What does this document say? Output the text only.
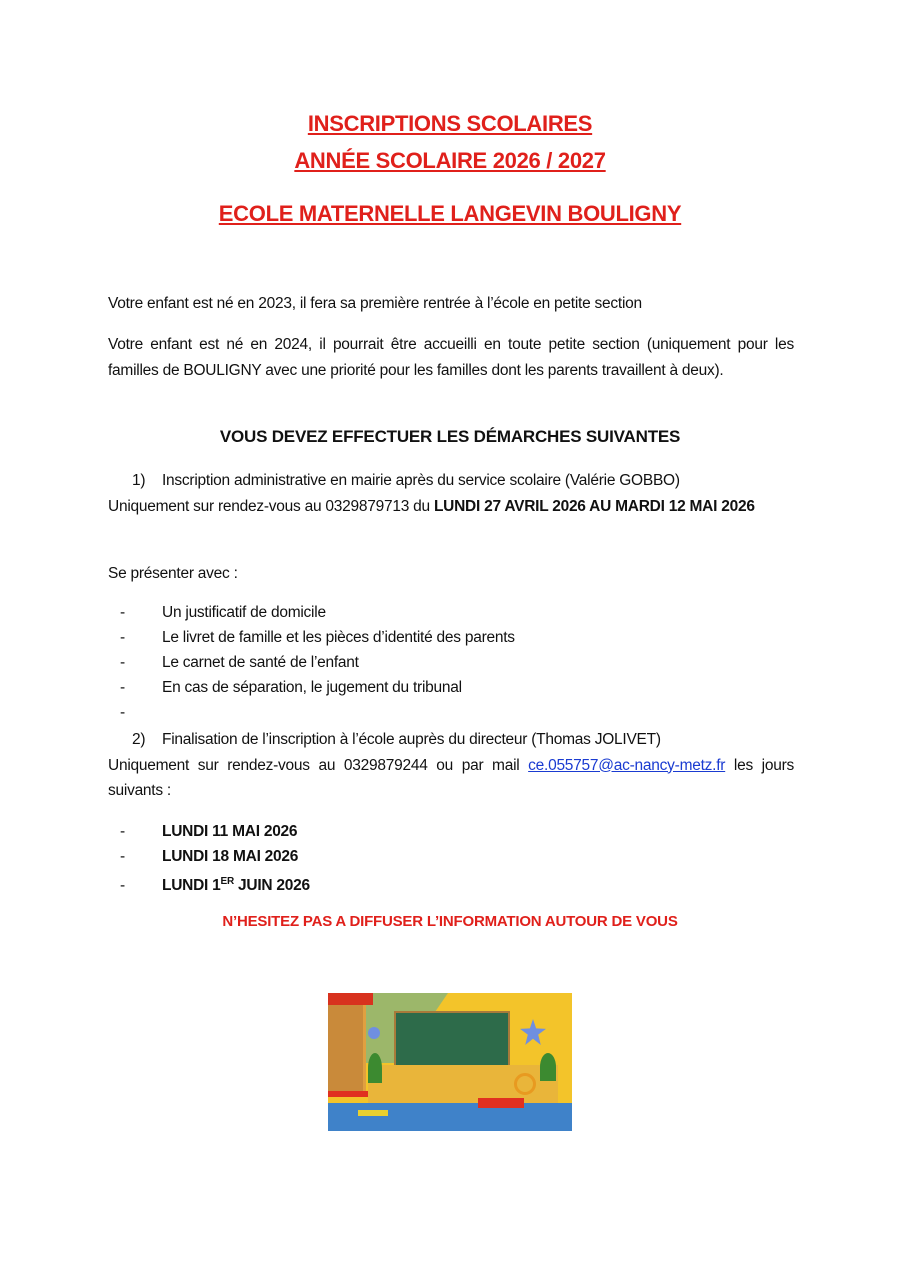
INSCRIPTIONS SCOLAIRES
ANNÉE SCOLAIRE 2026 / 2027
ECOLE MATERNELLE LANGEVIN BOULIGNY
Votre enfant est né en 2023, il fera sa première rentrée à l’école en petite section
Votre enfant est né en 2024, il pourrait être accueilli en toute petite section (uniquement pour les familles de BOULIGNY avec une priorité pour les familles dont les parents travaillent à deux).
VOUS DEVEZ EFFECTUER LES DÉMARCHES SUIVANTES
1) Inscription administrative en mairie après du service scolaire (Valérie GOBBO)
Uniquement sur rendez-vous au 0329879713 du LUNDI 27 AVRIL 2026 AU MARDI 12 MAI 2026
Se présenter avec :
- Un justificatif de domicile
- Le livret de famille et les pièces d’identité des parents
- Le carnet de santé de l’enfant
- En cas de séparation, le jugement du tribunal
-
2) Finalisation de l’inscription à l’école auprès du directeur (Thomas JOLIVET)
Uniquement sur rendez-vous au 0329879244 ou par mail ce.055757@ac-nancy-metz.fr les jours suivants :
- LUNDI 11 MAI 2026
- LUNDI 18 MAI 2026
- LUNDI 1ER JUIN 2026
N’HESITEZ PAS A DIFFUSER L’INFORMATION AUTOUR DE VOUS
